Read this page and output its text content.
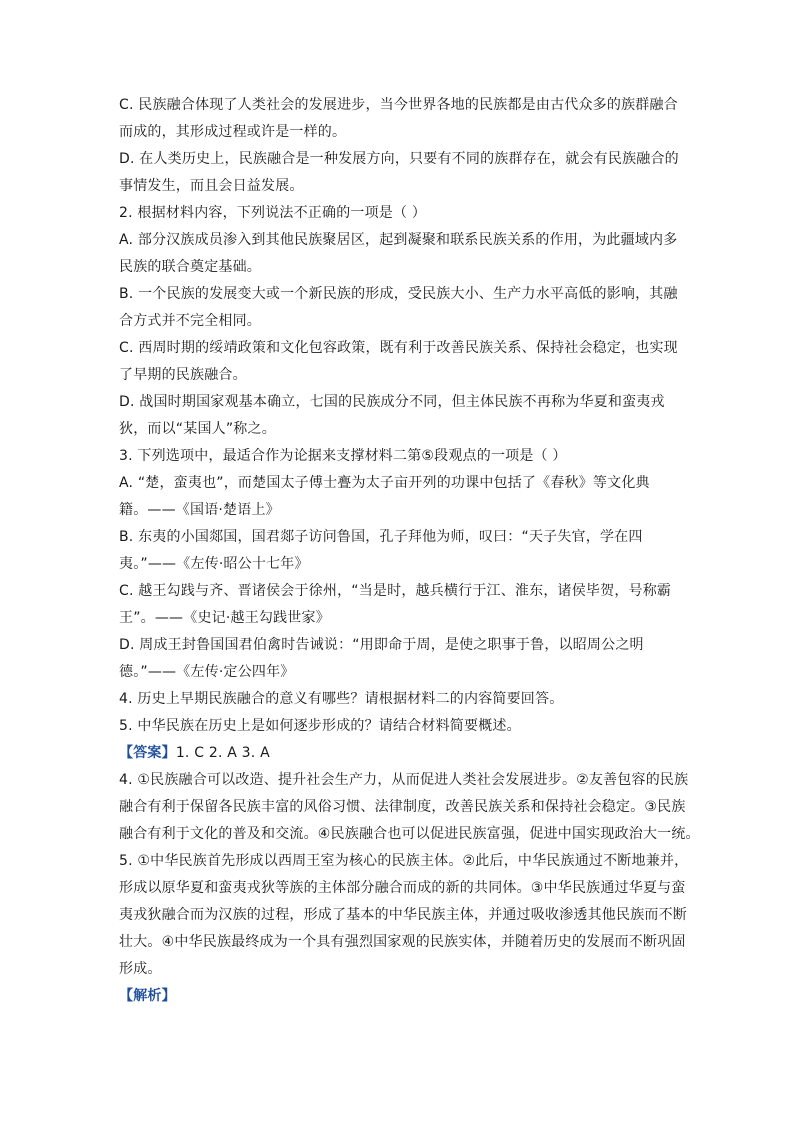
C. 民族融合体现了人类社会的发展进步，当今世界各地的民族都是由古代众多的族群融合
而成的，其形成过程或许是一样的。
D. 在人类历史上，民族融合是一种发展方向，只要有不同的族群存在，就会有民族融合的
事情发生，而且会日益发展。
2. 根据材料内容，下列说法不正确的一项是（ ）
A. 部分汉族成员渗入到其他民族聚居区，起到凝聚和联系民族关系的作用，为此疆域内多
民族的联合奠定基础。
B. 一个民族的发展变大或一个新民族的形成，受民族大小、生产力水平高低的影响，其融
合方式并不完全相同。
C. 西周时期的绥靖政策和文化包容政策，既有利于改善民族关系、保持社会稳定，也实现
了早期的民族融合。
D. 战国时期国家观基本确立，七国的民族成分不同，但主体民族不再称为华夏和蛮夷戎
狄，而以“某国人”称之。
3. 下列选项中，最适合作为论据来支撑材料二第⑤段观点的一项是（ ）
A. “楚，蛮夷也”，而楚国太子傅士亹为太子亩开列的功课中包括了《春秋》等文化典
籍。——《国语·楚语上》
B. 东夷的小国郯国，国君郯子访问鲁国，孔子拜他为师，叹曰：“天子失官，学在四
夷。”——《左传·昭公十七年》
C. 越王勾践与齐、晋诸侯会于徐州，“当是时，越兵横行于江、淮东，诸侯毕贺，号称霸
王”。——《史记·越王勾践世家》
D. 周成王封鲁国国君伯禽时告诫说：“用即命于周，是使之职事于鲁，以昭周公之明
德。”——《左传·定公四年》
4. 历史上早期民族融合的意义有哪些？请根据材料二的内容简要回答。
5. 中华民族在历史上是如何逐步形成的？请结合材料简要概述。
【答案】1. C 2. A 3. A
4. ①民族融合可以改造、提升社会生产力，从而促进人类社会发展进步。②友善包容的民族
融合有利于保留各民族丰富的风俗习惯、法律制度，改善民族关系和保持社会稳定。③民族
融合有利于文化的普及和交流。④民族融合也可以促进民族富强，促进中国实现政治大一统。
5. ①中华民族首先形成以西周王室为核心的民族主体。②此后，中华民族通过不断地兼并，
形成以原华夏和蛮夷戎狄等族的主体部分融合而成的新的共同体。③中华民族通过华夏与蛮
夷戎狄融合而为汉族的过程，形成了基本的中华民族主体，并通过吸收渗透其他民族而不断
壮大。④中华民族最终成为一个具有强烈国家观的民族实体，并随着历史的发展而不断巩固
形成。
【解析】
